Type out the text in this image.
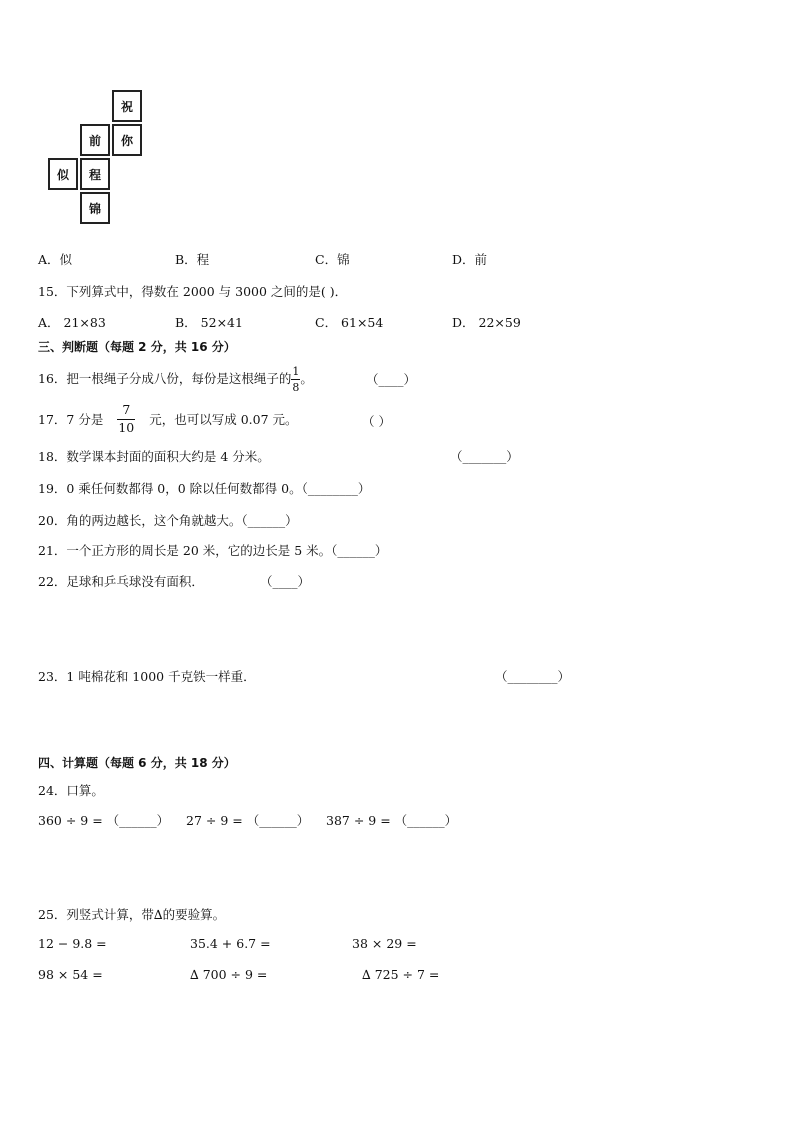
祝
你
前
似	程
锦
A．似	B．程	C．锦	D．前
15．下列算式中，得数在 2000 与 3000 之间的是( )．
A． 21×83	B． 52×41	C． 61×54	D． 22×59
三、判断题（每题 2 分，共 16 分）
16．把一根绳子分成八份，每份是这根绳子的 $\frac{1}{8}$ 。	（____）
17．7 分是 $\frac{7}{10}$ 元，也可以写成 0.07 元。	（ ）
18．数学课本封面的面积大约是 4 分米。	（_______）
19．0 乘任何数都得 0，0 除以任何数都得 0。（________）
20．角的两边越长，这个角就越大。（______）
21．一个正方形的周长是 20 米，它的边长是 5 米。（______）
22．足球和乒乓球没有面积．	（____）
23．1 吨棉花和 1000 千克铁一样重．	（________）
四、计算题（每题 6 分，共 18 分）
24．口算。
360 ÷ 9 = （______） 27 ÷ 9 = （______） 387 ÷ 9 = （______）
25．列竖式计算，带∆的要验算。
12 − 9.8 =	35.4 + 6.7 =	38 × 29 =
98 × 54 =	∆ 700 ÷ 9 =	∆ 725 ÷ 7 =
